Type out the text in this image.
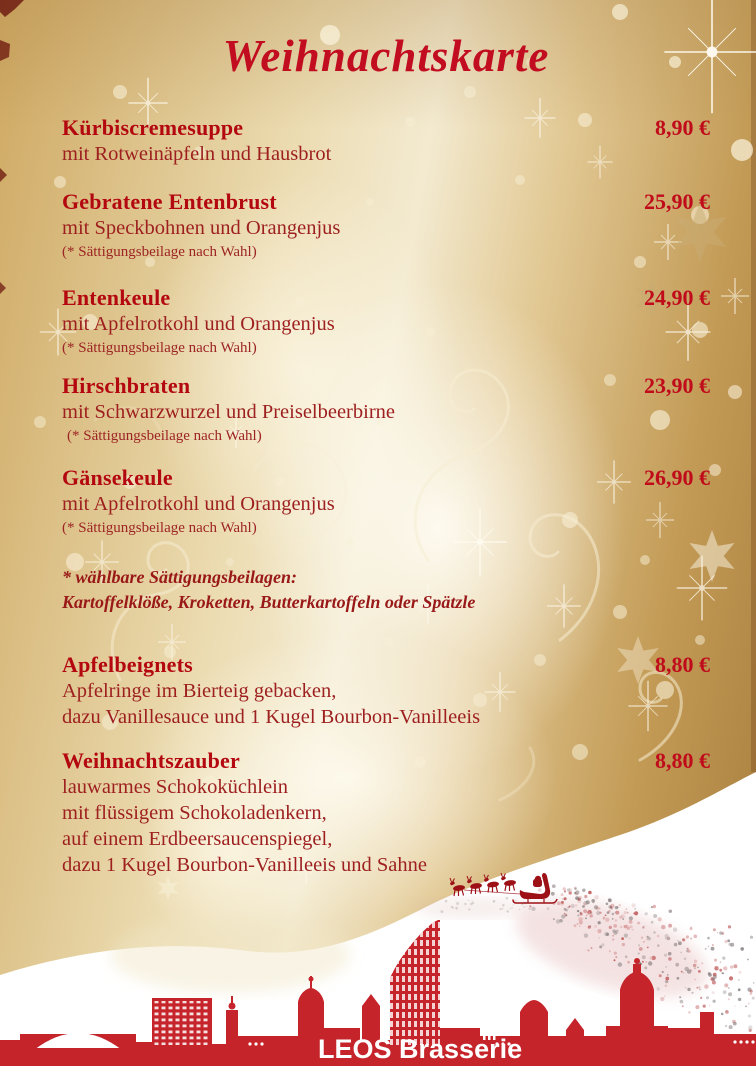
LEOS Brasserie
Weihnachtskarte
Kürbiscremesuppe	8,90 €
mit Rotweinäpfeln und Hausbrot
Gebratene Entenbrust	25,90 €
mit Speckbohnen und Orangenjus
(* Sättigungsbeilage nach Wahl)
Entenkeule	24,90 €
mit Apfelrotkohl und Orangenjus
(* Sättigungsbeilage nach Wahl)
Hirschbraten	23,90 €
mit Schwarzwurzel und Preiselbeerbirne
(* Sättigungsbeilage nach Wahl)
Gänsekeule	26,90 €
mit Apfelrotkohl und Orangenjus
(* Sättigungsbeilage nach Wahl)
* wählbare Sättigungsbeilagen:
Kartoffelklöße, Kroketten, Butterkartoffeln oder Spätzle
Apfelbeignets	8,80 €
Apfelringe im Bierteig gebacken,
dazu Vanillesauce und 1 Kugel Bourbon-Vanilleeis
Weihnachtszauber	8,80 €
lauwarmes Schokoküchlein
mit flüssigem Schokoladenkern,
auf einem Erdbeersaucenspiegel,
dazu 1 Kugel Bourbon-Vanilleeis und Sahne
